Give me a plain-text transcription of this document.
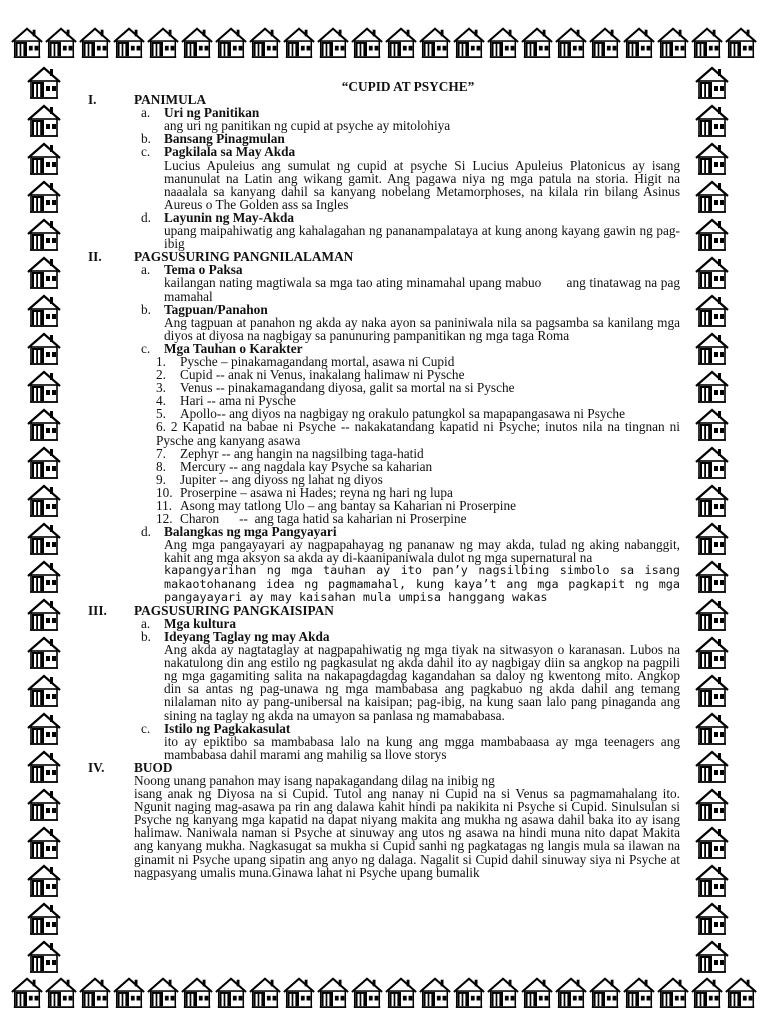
“CUPID AT PSYCHE”
I.	PANIMULA
a.	Uri ng Panitikan
ang uri ng panitikan ng cupid at psyche ay mitolohiya
b. Bansang Pinagmulan
c.	Pagkilala sa May Akda
Lucius Apuleius ang sumulat ng cupid at psyche Si Lucius Apuleius Platonicus ay isang manunulat na Latin ang wikang gamit. Ang pagawa niya ng mga patula na storia. Higit na naaalala sa kanyang dahil sa kanyang nobelang Metamorphoses, na kilala rin bilang Asinus Aureus o The Golden ass sa Ingles
d. Layunin ng May-Akda
upang maipahiwatig ang kahalagahan ng pananampalataya at kung anong kayang gawin ng pag-ibig
II.	PAGSUSURING PANGNILALAMAN
a.	Tema o Paksa
kailangan nating magtiwala sa mga tao ating minamahal upang mabuo       ang tinatawag na pag mamahal
b. Tagpuan/Panahon
Ang tagpuan at panahon ng akda ay naka ayon sa paniniwala nila sa pagsamba sa kanilang mga diyos at diyosa na nagbigay sa panunuring pampanitikan ng mga taga Roma
c.	Mga Tauhan o Karakter
1.	Pysche – pinakamagandang mortal, asawa ni Cupid
2.	Cupid -- anak ni Venus, inakalang halimaw ni Pysche
3.	Venus -- pinakamagandang diyosa, galit sa mortal na si Pysche
4.	Hari -- ama ni Pysche
5.	Apollo-- ang diyos na nagbigay ng orakulo patungkol sa mapapangasawa ni Psyche
6. 2 Kapatid na babae ni Psyche -- nakakatandang kapatid ni Psyche; inutos nila na tingnan ni Pysche ang kanyang asawa
7.	Zephyr -- ang hangin na nagsilbing taga-hatid
8.	Mercury -- ang nagdala kay Psyche sa kaharian
9.	Jupiter -- ang diyoss ng lahat ng diyos
10. Proserpine – asawa ni Hades; reyna ng hari ng lupa
11. Asong may tatlong Ulo – ang bantay sa Kaharian ni Proserpine
12. Charon      --  ang taga hatid sa kaharian ni Proserpine
d. Balangkas ng mga Pangyayari
Ang mga pangayayari ay nagpapahayag ng pananaw ng may akda, tulad ng aking nabanggit, kahit ang mga aksyon sa akda ay di-kaanipaniwala dulot ng mga supernatural na
kapangyarihan ng mga tauhan ay ito pan’y nagsilbing simbolo sa isang makaotohanang idea ng pagmamahal, kung kaya’t ang mga pagkapit ng mga pangayayari ay may kaisahan mula umpisa hanggang wakas
III.	PAGSUSURING PANGKAISIPAN
a.	Mga kultura
b. Ideyang Taglay ng may Akda
Ang akda ay nagtataglay at nagpapahiwatig ng mga tiyak na sitwasyon o karanasan. Lubos na nakatulong din ang estilo ng pagkasulat ng akda dahil ito ay nagbigay diin sa angkop na pagpili ng mga gagamiting salita na nakapagdagdag kagandahan sa daloy ng kwentong mito. Angkop din sa antas ng pag-unawa ng mga mambabasa ang pagkabuo ng akda dahil ang temang nilalaman nito ay pang-unibersal na kaisipan; pag-ibig, na kung saan lalo pang pinaganda ang sining na taglay ng akda na umayon sa panlasa ng mamababasa.
c.	Istilo ng Pagkakasulat
ito ay epiktibo sa mambabasa lalo na kung ang mgga mambabaasa ay mga teenagers ang mambabasa dahil marami ang mahilig sa llove storys
IV.	BUOD
Noong unang panahon may isang napakagandang dilag na inibig ng
isang anak ng Diyosa na si Cupid. Tutol ang nanay ni Cupid na si Venus sa pagmamahalang ito. Ngunit naging mag-asawa pa rin ang dalawa kahit hindi pa nakikita ni Psyche si Cupid. Sinulsulan si Psyche ng kanyang mga kapatid na dapat niyang makita ang mukha ng asawa dahil baka ito ay isang halimaw. Naniwala naman si Psyche at sinuway ang utos ng asawa na hindi muna nito dapat Makita ang kanyang mukha. Nagkasugat sa mukha si Cupid sanhi ng pagkatagas ng langis mula sa ilawan na ginamit ni Psyche upang sipatin ang anyo ng dalaga. Nagalit si Cupid dahil sinuway siya ni Psyche at nagpasyang umalis muna.Ginawa lahat ni Psyche upang bumalik
